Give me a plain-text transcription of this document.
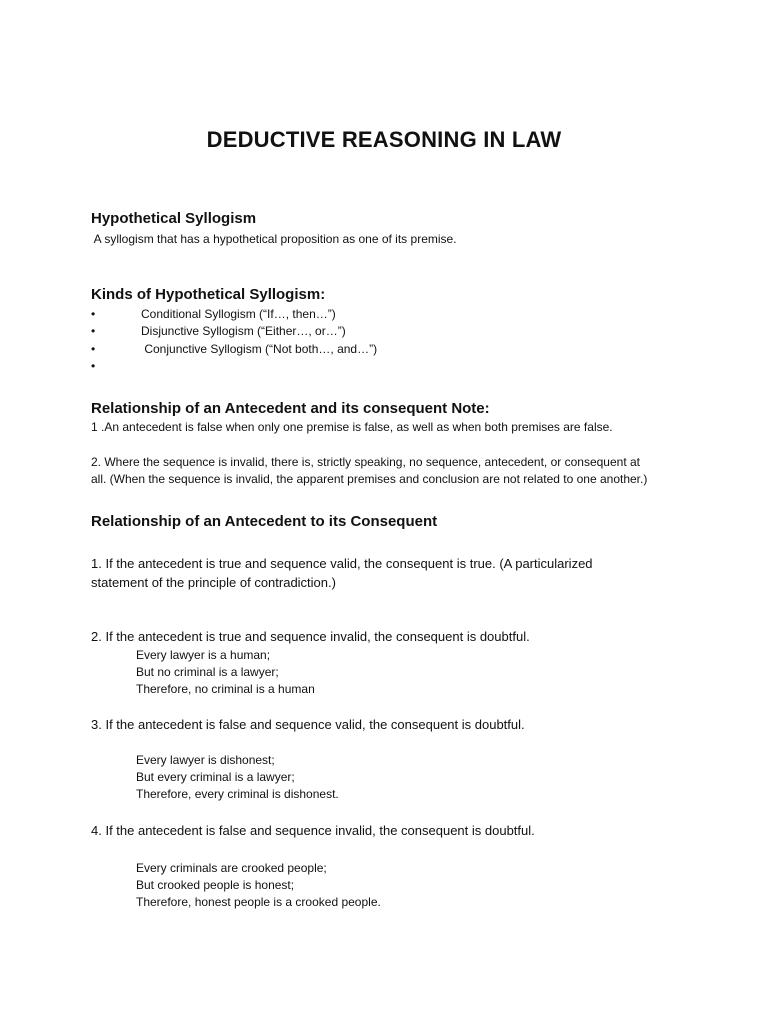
DEDUCTIVE REASONING IN LAW
Hypothetical Syllogism
A syllogism that has a hypothetical proposition as one of its premise.
Kinds of Hypothetical Syllogism:
•	Conditional Syllogism (“If…, then…”)
•	Disjunctive Syllogism (“Either…, or…”)
•	Conjunctive Syllogism (“Not both…, and…”)
•
Relationship of an Antecedent and its consequent Note:
1 .An antecedent is false when only one premise is false, as well as when both premises are false.
2. Where the sequence is invalid, there is, strictly speaking, no sequence, antecedent, or consequent at
all. (When the sequence is invalid, the apparent premises and conclusion are not related to one another.)
Relationship of an Antecedent to its Consequent
1. If the antecedent is true and sequence valid, the consequent is true. (A particularized
statement of the principle of contradiction.)
2. If the antecedent is true and sequence invalid, the consequent is doubtful.
Every lawyer is a human;
But no criminal is a lawyer;
Therefore, no criminal is a human
3. If the antecedent is false and sequence valid, the consequent is doubtful.
Every lawyer is dishonest;
But every criminal is a lawyer;
Therefore, every criminal is dishonest.
4. If the antecedent is false and sequence invalid, the consequent is doubtful.
Every criminals are crooked people;
But crooked people is honest;
Therefore, honest people is a crooked people.
